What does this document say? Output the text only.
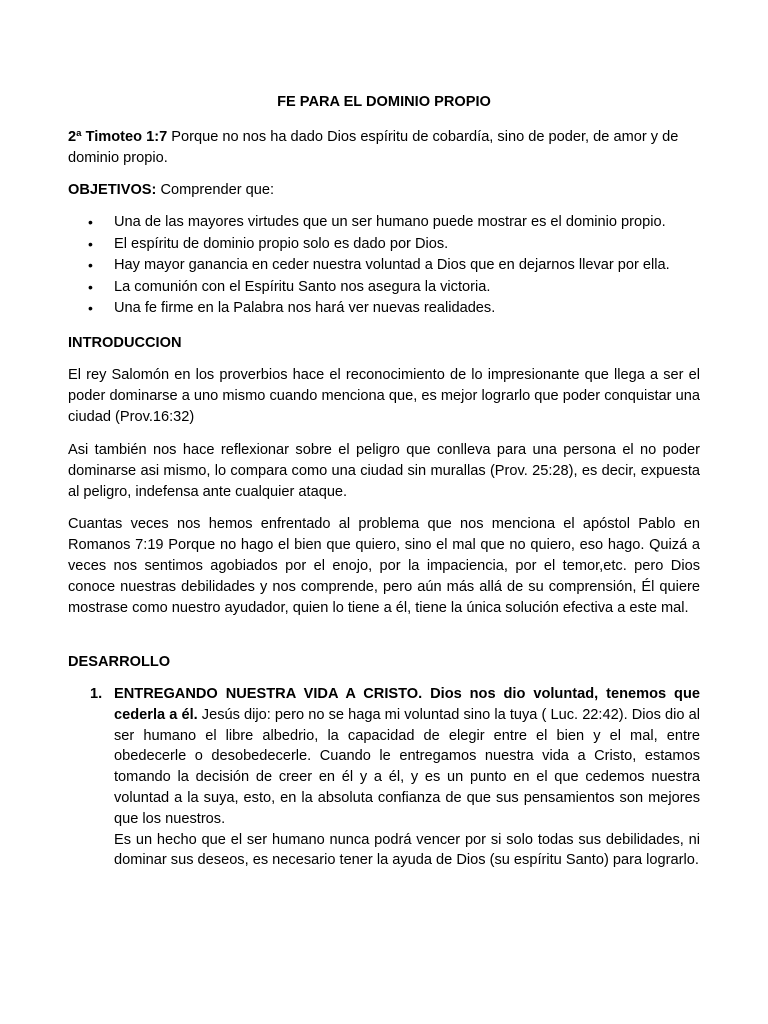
FE PARA EL DOMINIO PROPIO

2ª Timoteo 1:7 Porque no nos ha dado Dios espíritu de cobardía, sino de poder, de amor y de dominio propio.

OBJETIVOS: Comprender que:

• Una de las mayores virtudes que un ser humano puede mostrar es el dominio propio.
• El espíritu de dominio propio solo es dado por Dios.
• Hay mayor ganancia en ceder nuestra voluntad a Dios que en dejarnos llevar por ella.
• La comunión con el Espíritu Santo nos asegura la victoria.
• Una fe firme en la Palabra nos hará ver nuevas realidades.
INTRODUCCION

El rey Salomón en los proverbios hace el reconocimiento de lo impresionante que llega a ser el poder dominarse a uno mismo cuando menciona que, es mejor lograrlo que poder conquistar una ciudad (Prov.16:32)

Asi también nos hace reflexionar sobre el peligro que conlleva para una persona el no poder dominarse asi mismo, lo compara como una ciudad sin murallas (Prov. 25:28), es decir, expuesta al peligro, indefensa ante cualquier ataque.

Cuantas veces nos hemos enfrentado al problema que nos menciona el apóstol Pablo en Romanos 7:19 Porque no hago el bien que quiero, sino el mal que no quiero, eso hago. Quizá a veces nos sentimos agobiados por el enojo, por la impaciencia, por el temor,etc. pero Dios conoce nuestras debilidades y nos comprende, pero aún más allá de su comprensión, Él quiere mostrase como nuestro ayudador, quien lo tiene a él, tiene la única solución efectiva a este mal.

DESARROLLO
1. ENTREGANDO NUESTRA VIDA A CRISTO. Dios nos dio voluntad, tenemos que cederla a él. Jesús dijo: pero no se haga mi voluntad sino la tuya ( Luc. 22:42). Dios dio al ser humano el libre albedrio, la capacidad de elegir entre el bien y el mal, entre obedecerle o desobedecerle. Cuando le entregamos nuestra vida a Cristo, estamos tomando la decisión de creer en él y a él, y es un punto en el que cedemos nuestra voluntad a la suya, esto, en la absoluta confianza de que sus pensamientos son mejores que los nuestros.
Es un hecho que el ser humano nunca podrá vencer por si solo todas sus debilidades, ni dominar sus deseos, es necesario tener la ayuda de Dios (su espíritu Santo) para lograrlo.
